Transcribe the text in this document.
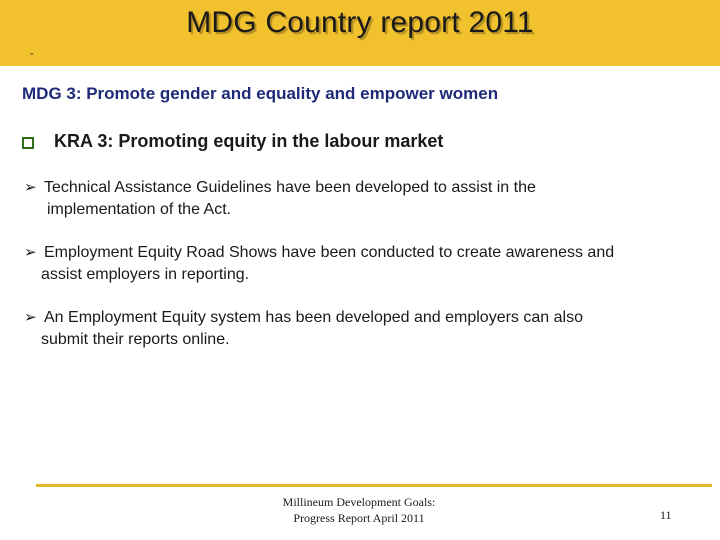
MDG Country report 2011
ˇ
MDG 3: Promote gender and equality and empower women
KRA 3: Promoting equity in the labour market
➢ Technical Assistance Guidelines have been developed to assist in the
implementation of the Act.
➢ Employment Equity Road Shows have been conducted to create awareness and
assist employers in reporting.
➢ An Employment Equity system has been developed and employers can also
submit their reports online.
Millineum Development Goals:
Progress Report April 2011	11
